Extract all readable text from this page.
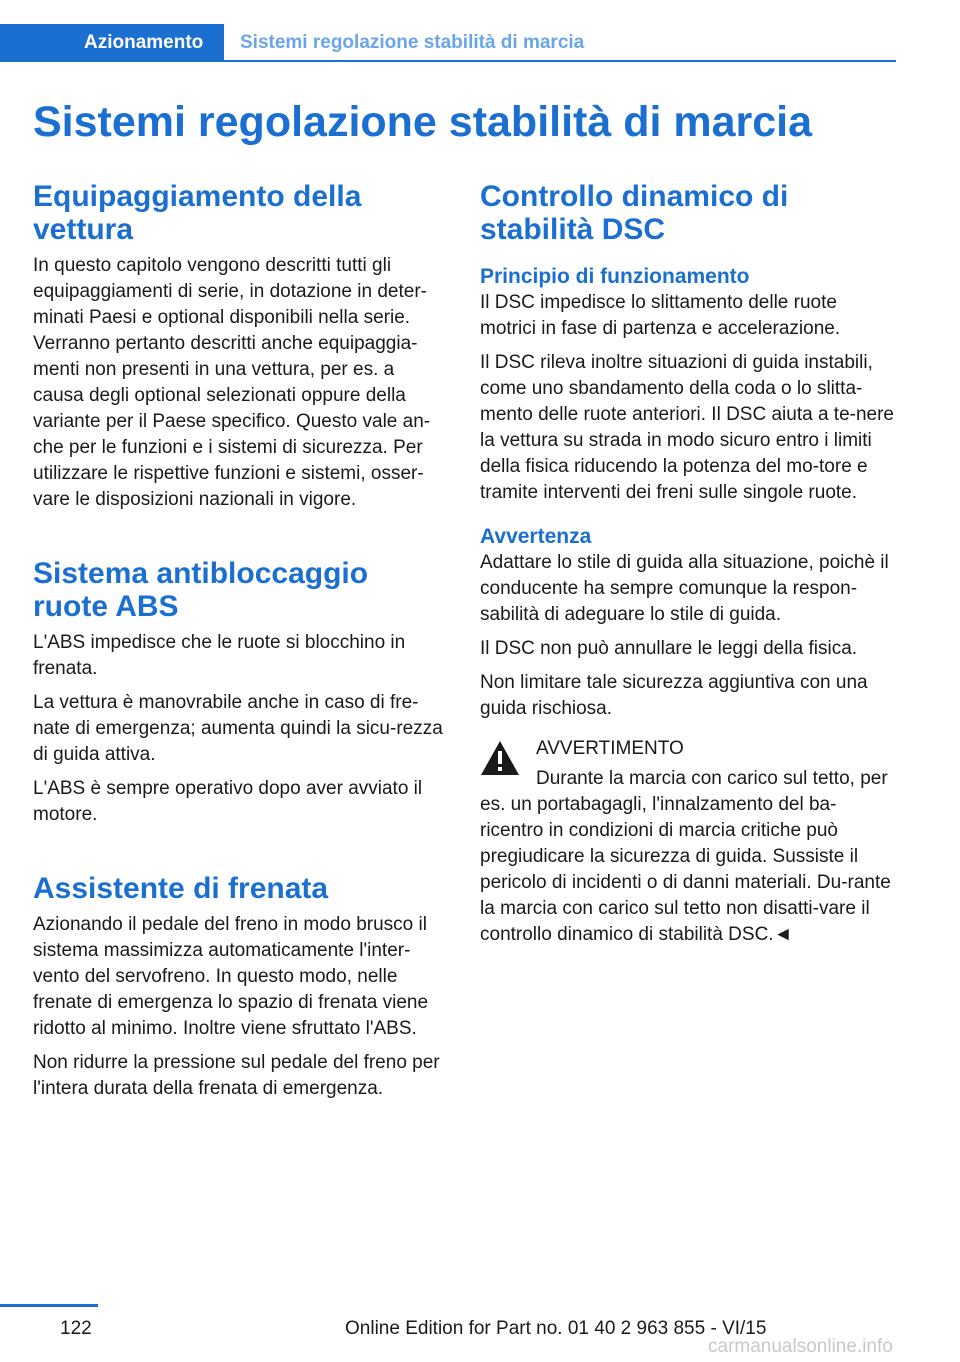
Azionamento	Sistemi regolazione stabilità di marcia
Sistemi regolazione stabilità di marcia
Equipaggiamento della vettura

In questo capitolo vengono descritti tutti gli equipaggiamenti di serie, in dotazione in deter-minati Paesi e optional disponibili nella serie. Verranno pertanto descritti anche equipaggia-menti non presenti in una vettura, per es. a causa degli optional selezionati oppure della variante per il Paese specifico. Questo vale an-che per le funzioni e i sistemi di sicurezza. Per utilizzare le rispettive funzioni e sistemi, osser-vare le disposizioni nazionali in vigore.

Sistema antibloccaggio ruote ABS

L'ABS impedisce che le ruote si blocchino in frenata.

La vettura è manovrabile anche in caso di fre-nate di emergenza; aumenta quindi la sicu-rezza di guida attiva.

L'ABS è sempre operativo dopo aver avviato il motore.

Assistente di frenata

Azionando il pedale del freno in modo brusco il sistema massimizza automaticamente l'inter-vento del servofreno. In questo modo, nelle frenate di emergenza lo spazio di frenata viene ridotto al minimo. Inoltre viene sfruttato l'ABS.

Non ridurre la pressione sul pedale del freno per l'intera durata della frenata di emergenza.

Controllo dinamico di stabilità DSC
Principio di funzionamento

Il DSC impedisce lo slittamento delle ruote motrici in fase di partenza e accelerazione.

Il DSC rileva inoltre situazioni di guida instabili, come uno sbandamento della coda o lo slitta-mento delle ruote anteriori. Il DSC aiuta a te-nere la vettura su strada in modo sicuro entro i limiti della fisica riducendo la potenza del mo-tore e tramite interventi dei freni sulle singole ruote.

Avvertenza

Adattare lo stile di guida alla situazione, poichè il conducente ha sempre comunque la respon-sabilità di adeguare lo stile di guida.

Il DSC non può annullare le leggi della fisica.

Non limitare tale sicurezza aggiuntiva con una guida rischiosa.

AVVERTIMENTO

Durante la marcia con carico sul tetto, per es. un portabagagli, l'innalzamento del ba-ricentro in condizioni di marcia critiche può pregiudicare la sicurezza di guida. Sussiste il pericolo di incidenti o di danni materiali. Du-rante la marcia con carico sul tetto non disatti-vare il controllo dinamico di stabilità DSC.◄

122	Online Edition for Part no. 01 40 2 963 855 - VI/15
carmanualsonline.info
